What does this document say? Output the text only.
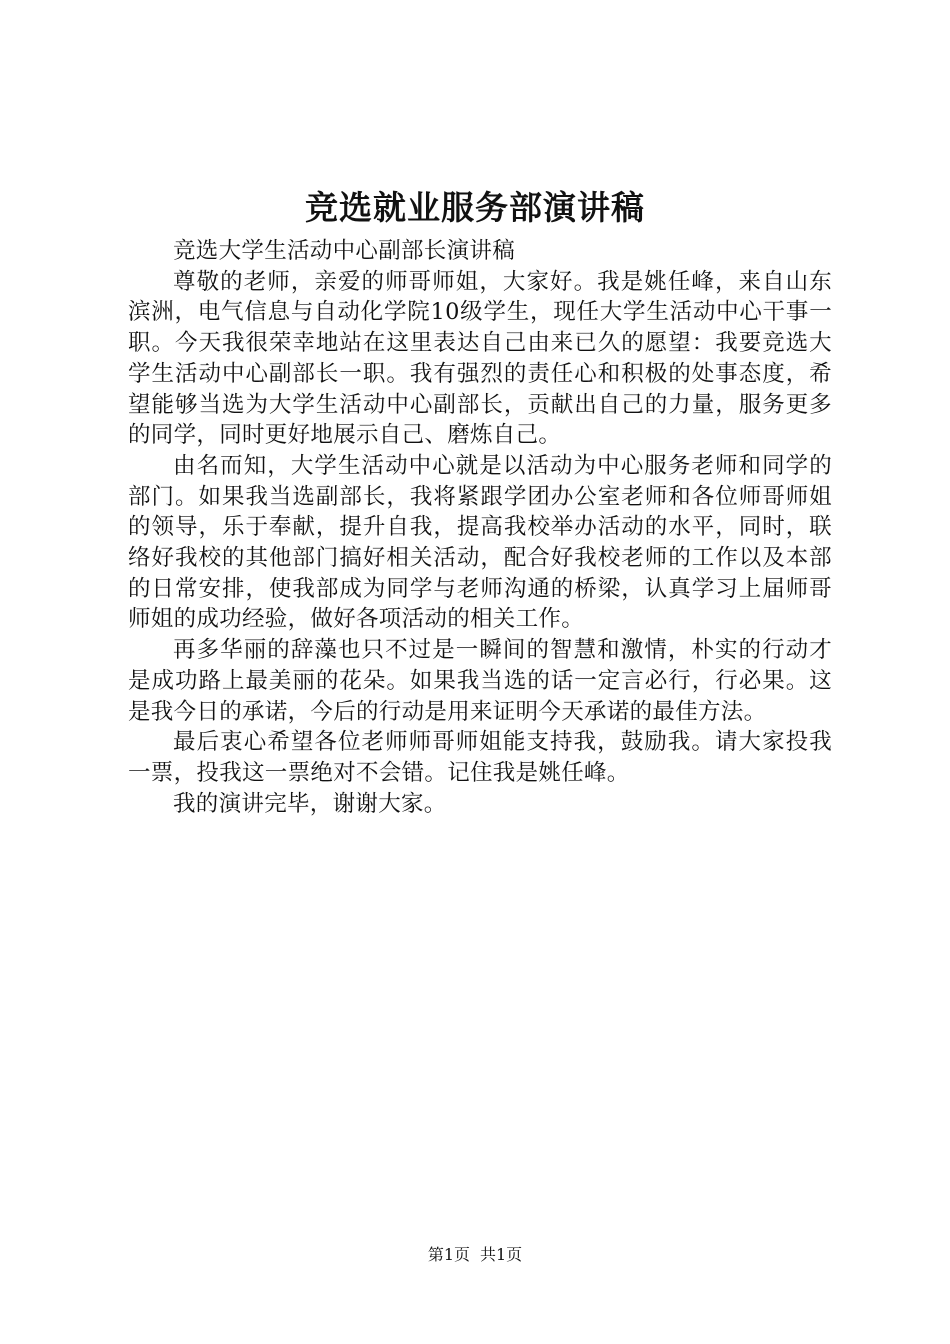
竞选就业服务部演讲稿

竞选大学生活动中心副部长演讲稿

尊敬的老师，亲爱的师哥师姐，大家好。我是姚任峰，来自山东滨洲，电气信息与自动化学院10级学生，现任大学生活动中心干事一职。今天我很荣幸地站在这里表达自己由来已久的愿望：我要竞选大学生活动中心副部长一职。我有强烈的责任心和积极的处事态度，希望能够当选为大学生活动中心副部长，贡献出自己的力量，服务更多的同学，同时更好地展示自己、磨炼自己。

由名而知，大学生活动中心就是以活动为中心服务老师和同学的部门。如果我当选副部长，我将紧跟学团办公室老师和各位师哥师姐的领导，乐于奉献，提升自我，提高我校举办活动的水平，同时，联络好我校的其他部门搞好相关活动，配合好我校老师的工作以及本部的日常安排，使我部成为同学与老师沟通的桥梁，认真学习上届师哥师姐的成功经验，做好各项活动的相关工作。

再多华丽的辞藻也只不过是一瞬间的智慧和激情，朴实的行动才是成功路上最美丽的花朵。如果我当选的话一定言必行，行必果。这是我今日的承诺，今后的行动是用来证明今天承诺的最佳方法。

最后衷心希望各位老师师哥师姐能支持我，鼓励我。请大家投我一票，投我这一票绝对不会错。记住我是姚任峰。

我的演讲完毕，谢谢大家。

第1页 共1页
